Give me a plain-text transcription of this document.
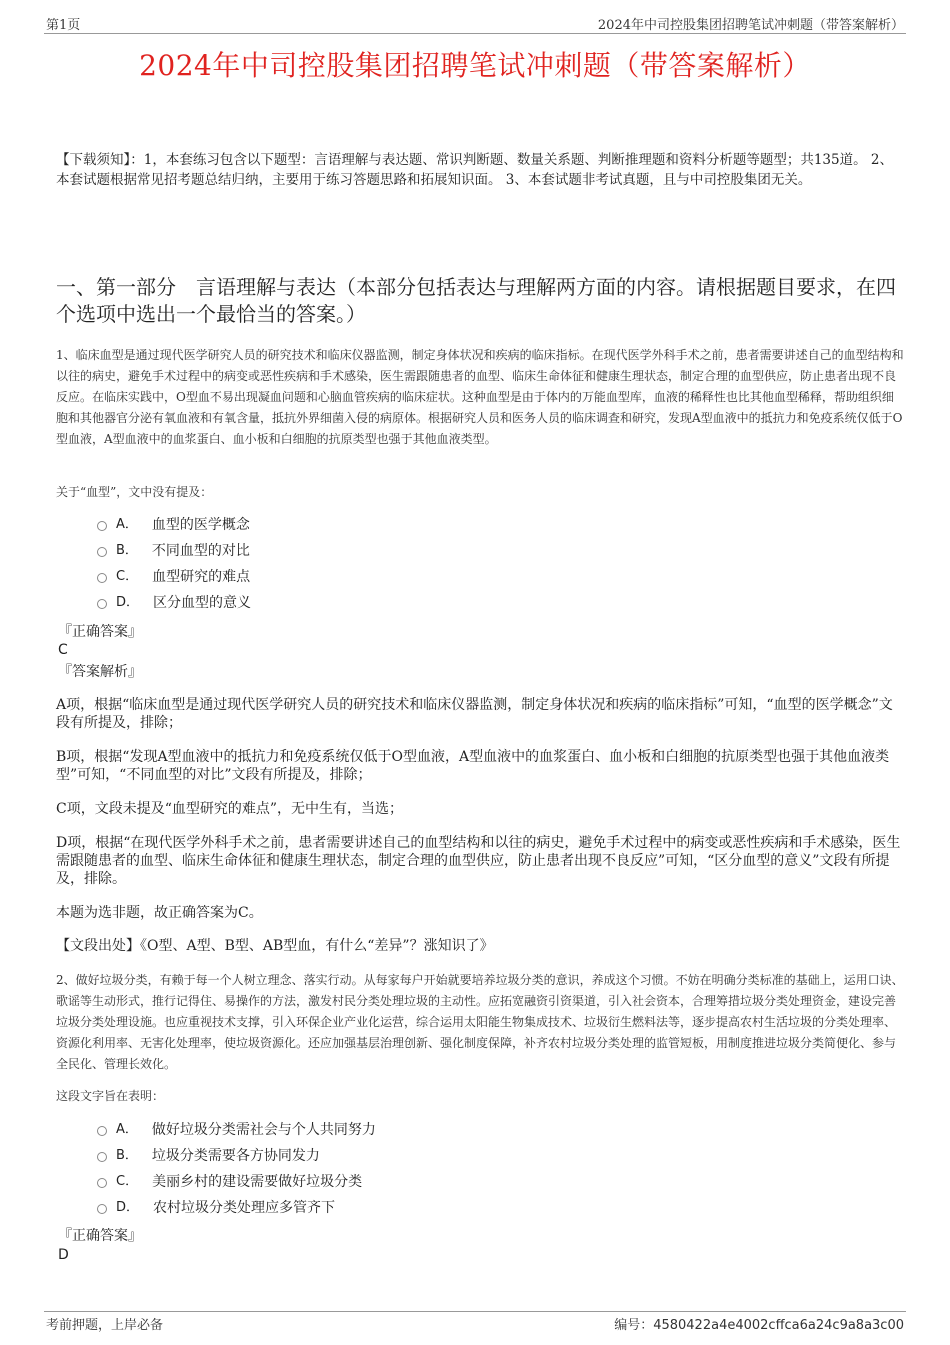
第1页	2024年中司控股集团招聘笔试冲刺题（带答案解析）
2024年中司控股集团招聘笔试冲刺题（带答案解析）
【下载须知】：1，本套练习包含以下题型：言语理解与表达题、常识判断题、数量关系题、判断推理题和资料分析题等题型；共135道。 2、本套试题根据常见招考题总结归纳，主要用于练习答题思路和拓展知识面。 3、本套试题非考试真题，且与中司控股集团无关。
一、第一部分　言语理解与表达（本部分包括表达与理解两方面的内容。请根据题目要求，在四个选项中选出一个最恰当的答案。）
1、临床血型是通过现代医学研究人员的研究技术和临床仪器监测，制定身体状况和疾病的临床指标。在现代医学外科手术之前，患者需要讲述自己的血型结构和以往的病史，避免手术过程中的病变或恶性疾病和手术感染，医生需跟随患者的血型、临床生命体征和健康生理状态，制定合理的血型供应，防止患者出现不良反应。在临床实践中，O型血不易出现凝血问题和心脑血管疾病的临床症状。这种血型是由于体内的万能血型库，血液的稀释性也比其他血型稀释，帮助组织细胞和其他器官分泌有氧血液和有氧含量，抵抗外界细菌入侵的病原体。根据研究人员和医务人员的临床调查和研究，发现A型血液中的抵抗力和免疫系统仅低于O型血液，A型血液中的血浆蛋白、血小板和白细胞的抗原类型也强于其他血液类型。
关于“血型”，文中没有提及：
A． 血型的医学概念
B． 不同血型的对比
C． 血型研究的难点
D． 区分血型的意义
『正确答案』
C
『答案解析』
A项，根据“临床血型是通过现代医学研究人员的研究技术和临床仪器监测，制定身体状况和疾病的临床指标”可知，“血型的医学概念”文段有所提及，排除；
B项，根据“发现A型血液中的抵抗力和免疫系统仅低于O型血液，A型血液中的血浆蛋白、血小板和白细胞的抗原类型也强于其他血液类型”可知，“不同血型的对比”文段有所提及，排除；
C项，文段未提及“血型研究的难点”，无中生有，当选；
D项，根据“在现代医学外科手术之前，患者需要讲述自己的血型结构和以往的病史，避免手术过程中的病变或恶性疾病和手术感染，医生需跟随患者的血型、临床生命体征和健康生理状态，制定合理的血型供应，防止患者出现不良反应”可知，“区分血型的意义”文段有所提及，排除。
本题为选非题，故正确答案为C。
【文段出处】《O型、A型、B型、AB型血，有什么“差异”？涨知识了》
2、做好垃圾分类，有赖于每一个人树立理念、落实行动。从每家每户开始就要培养垃圾分类的意识，养成这个习惯。不妨在明确分类标准的基础上，运用口诀、歌谣等生动形式，推行记得住、易操作的方法，激发村民分类处理垃圾的主动性。应拓宽融资引资渠道，引入社会资本，合理筹措垃圾分类处理资金，建设完善垃圾分类处理设施。也应重视技术支撑，引入环保企业产业化运营，综合运用太阳能生物集成技术、垃圾衍生燃料法等，逐步提高农村生活垃圾的分类处理率、资源化利用率、无害化处理率，使垃圾资源化。还应加强基层治理创新、强化制度保障，补齐农村垃圾分类处理的监管短板，用制度推进垃圾分类简便化、参与全民化、管理长效化。
这段文字旨在表明：
A． 做好垃圾分类需社会与个人共同努力
B． 垃圾分类需要各方协同发力
C． 美丽乡村的建设需要做好垃圾分类
D． 农村垃圾分类处理应多管齐下
『正确答案』
D
考前押题，上岸必备	编号：4580422a4e4002cffca6a24c9a8a3c00
